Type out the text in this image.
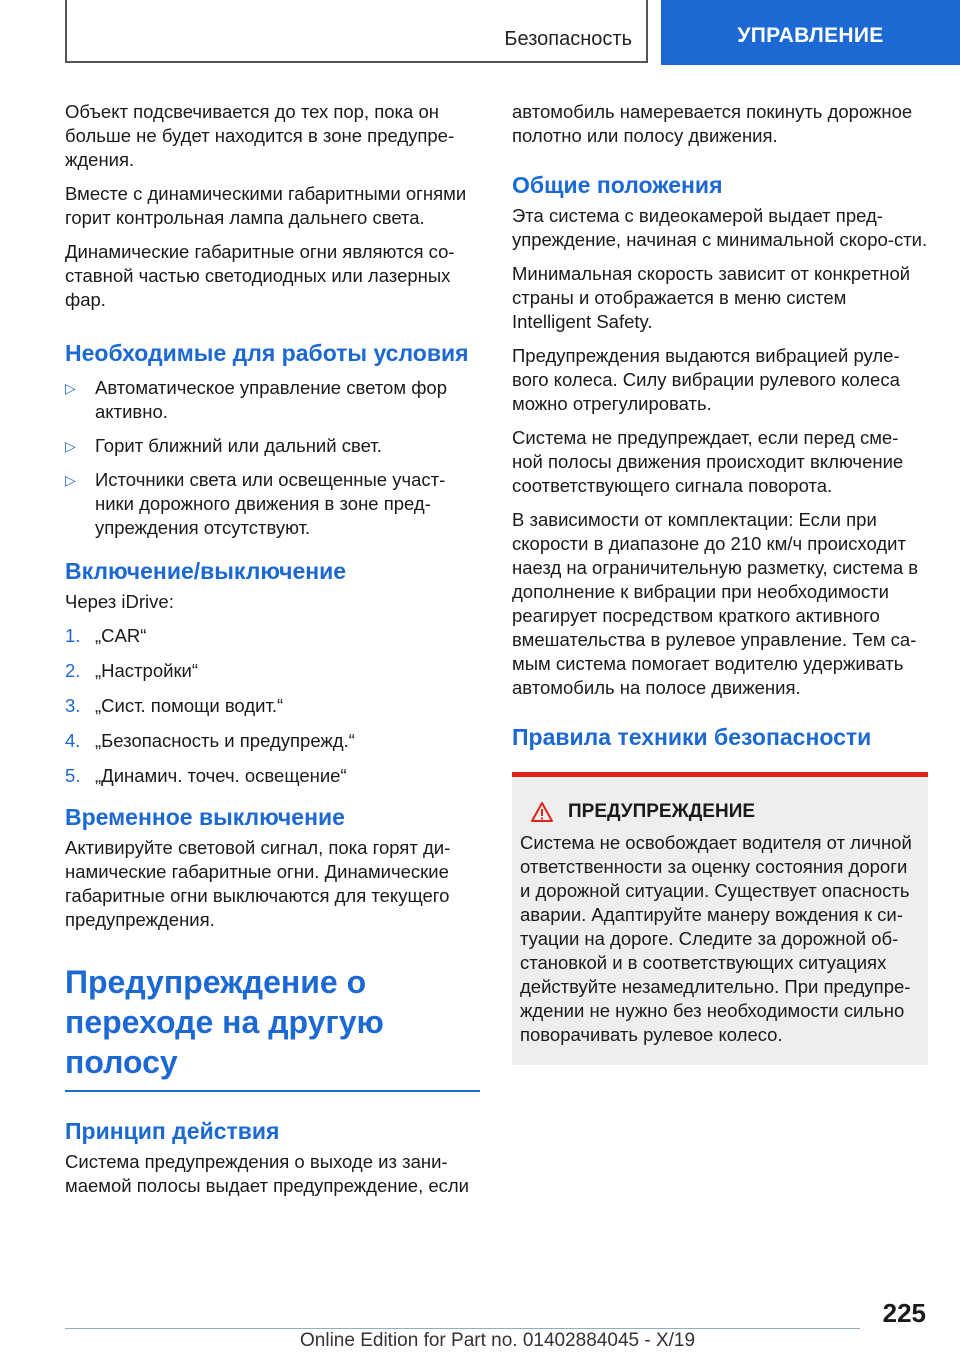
Безопасность	УПРАВЛЕНИЕ

Объект подсвечивается до тех пор, пока он больше не будет находится в зоне предупре-ждения.

Вместе с динамическими габаритными огнями горит контрольная лампа дальнего света.

Динамические габаритные огни являются со-ставной частью светодиодных или лазерных фар.

Необходимые для работы условия
▷ Автоматическое управление светом фор активно.
▷ Горит ближний или дальний свет.
▷ Источники света или освещенные участ-ники дорожного движения в зоне пред-упреждения отсутствуют.
Включение/выключение

Через iDrive:

1. „CAR“
2. „Настройки“
3. „Сист. помощи водит.“
4. „Безопасность и предупрежд.“
5. „Динамич. точеч. освещение“
Временное выключение

Активируйте световой сигнал, пока горят ди-намические габаритные огни. Динамические габаритные огни выключаются для текущего предупреждения.

Предупреждение о переходе на другую полосу
Принцип действия

Система предупреждения о выходе из зани-маемой полосы выдает предупреждение, если

автомобиль намеревается покинуть дорожное полотно или полосу движения.

Общие положения

Эта система с видеокамерой выдает пред-упреждение, начиная с минимальной скоро-сти.

Минимальная скорость зависит от конкретной страны и отображается в меню систем Intelligent Safety.

Предупреждения выдаются вибрацией руле-вого колеса. Силу вибрации рулевого колеса можно отрегулировать.

Система не предупреждает, если перед сме-ной полосы движения происходит включение соответствующего сигнала поворота.

В зависимости от комплектации: Если при скорости в диапазоне до 210 км/ч происходит наезд на ограничительную разметку, система в дополнение к вибрации при необходимости реагирует посредством краткого активного вмешательства в рулевое управление. Тем са-мым система помогает водителю удерживать автомобиль на полосе движения.

Правила техники безопасности
ПРЕДУПРЕЖДЕНИЕ

Система не освобождает водителя от личной ответственности за оценку состояния дороги и дорожной ситуации. Существует опасность аварии. Адаптируйте манеру вождения к си-туации на дороге. Следите за дорожной об-становкой и в соответствующих ситуациях действуйте незамедлительно. При предупре-ждении не нужно без необходимости сильно поворачивать рулевое колесо.

225
Online Edition for Part no. 01402884045 - X/19
